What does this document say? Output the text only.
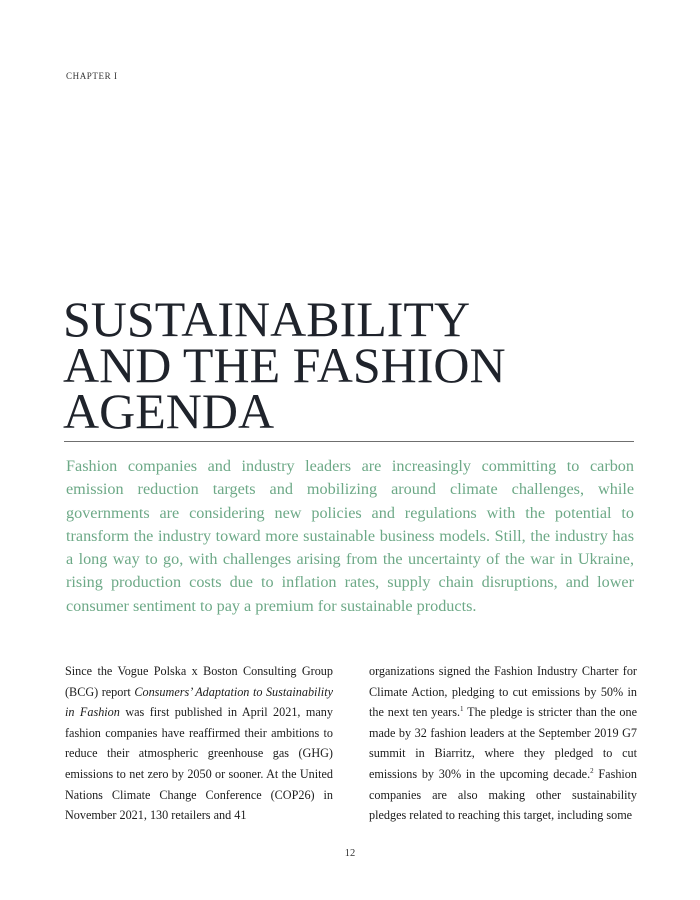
CHAPTER I
SUSTAINABILITY
AND THE FASHION
AGENDA

Fashion companies and industry leaders are increasingly committing to carbon emission reduction targets and mobilizing around climate challenges, while governments are considering new policies and regulations with the potential to transform the industry toward more sustainable business models. Still, the industry has a long way to go, with challenges arising from the uncertainty of the war in Ukraine, rising production costs due to inflation rates, supply chain disruptions, and lower consumer sentiment to pay a premium for sustainable products.

Since the Vogue Polska x Boston Consulting Group (BCG) report Consumers’ Adaptation to Sustainability in Fashion was first published in April 2021, many fashion companies have reaffirmed their ambitions to reduce their atmospheric greenhouse gas (GHG) emissions to net zero by 2050 or sooner. At the United Nations Climate Change Conference (COP26) in November 2021, 130 retailers and 41

organizations signed the Fashion Industry Charter for Climate Action, pledging to cut emissions by 50% in the next ten years.$^1$ The pledge is stricter than the one made by 32 fashion leaders at the September 2019 G7 summit in Biarritz, where they pledged to cut emissions by 30% in the upcoming decade.$^2$ Fashion companies are also making other sustainability pledges related to reaching this target, including some

12
